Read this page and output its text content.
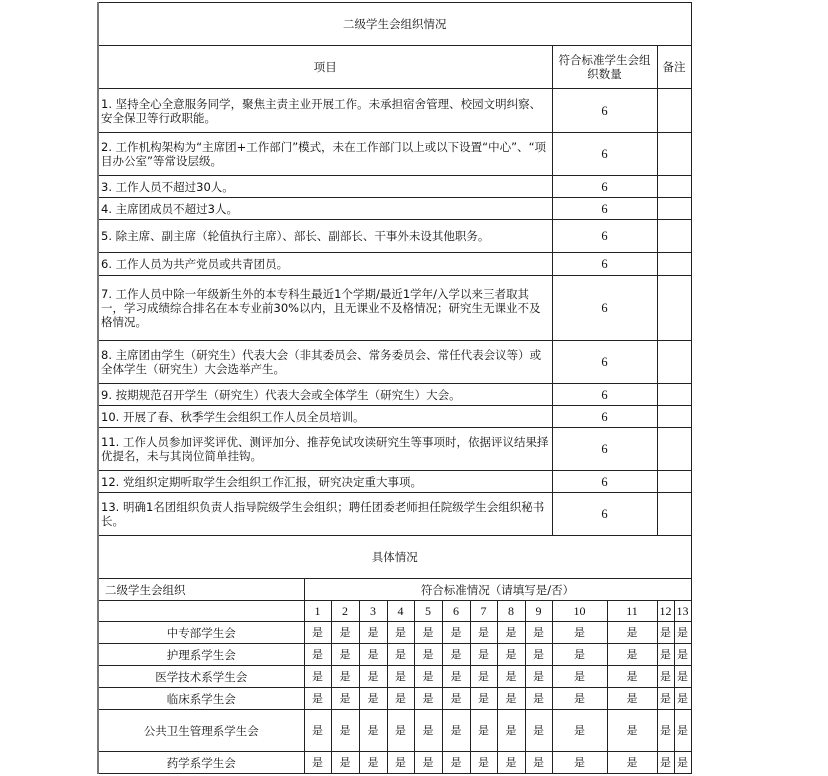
二级学生会组织情况													
项目										符合标准学生会组织数量		备注	
1. 坚持全心全意服务同学，聚焦主责主业开展工作。未承担宿舍管理、校园文明纠察、安全保卫等行政职能。										6			
2. 工作机构架构为“主席团+工作部门”模式，未在工作部门以上或以下设置“中心”、“项目办公室”等常设层级。										6			
3. 工作人员不超过30人。										6			
4. 主席团成员不超过3人。										6			
5. 除主席、副主席（轮值执行主席）、部长、副部长、干事外未设其他职务。										6			
6. 工作人员为共产党员或共青团员。										6			
7. 工作人员中除一年级新生外的本专科生最近1个学期/最近1学年/入学以来三者取其一，学习成绩综合排名在本专业前30%以内，且无课业不及格情况；研究生无课业不及格情况。										6			
8. 主席团由学生（研究生）代表大会（非其委员会、常务委员会、常任代表会议等）或全体学生（研究生）大会选举产生。										6			
9. 按期规范召开学生（研究生）代表大会或全体学生（研究生）大会。										6			
10. 开展了春、秋季学生会组织工作人员全员培训。										6			
11. 工作人员参加评奖评优、测评加分、推荐免试攻读研究生等事项时，依据评议结果择优提名，未与其岗位简单挂钩。										6			
12. 党组织定期听取学生会组织工作汇报，研究决定重大事项。										6			
13. 明确1名团组织负责人指导院级学生会组织；聘任团委老师担任院级学生会组织秘书长。										6			
具体情况													
二级学生会组织	符合标准情况（请填写是/否）												
	1	2	3	4	5	6	7	8	9	10	11	12	13
中专部学生会	是	是	是	是	是	是	是	是	是	是	是	是	是
护理系学生会	是	是	是	是	是	是	是	是	是	是	是	是	是
医学技术系学生会	是	是	是	是	是	是	是	是	是	是	是	是	是
临床系学生会	是	是	是	是	是	是	是	是	是	是	是	是	是
公共卫生管理系学生会	是	是	是	是	是	是	是	是	是	是	是	是	是
药学系学生会	是	是	是	是	是	是	是	是	是	是	是	是	是
